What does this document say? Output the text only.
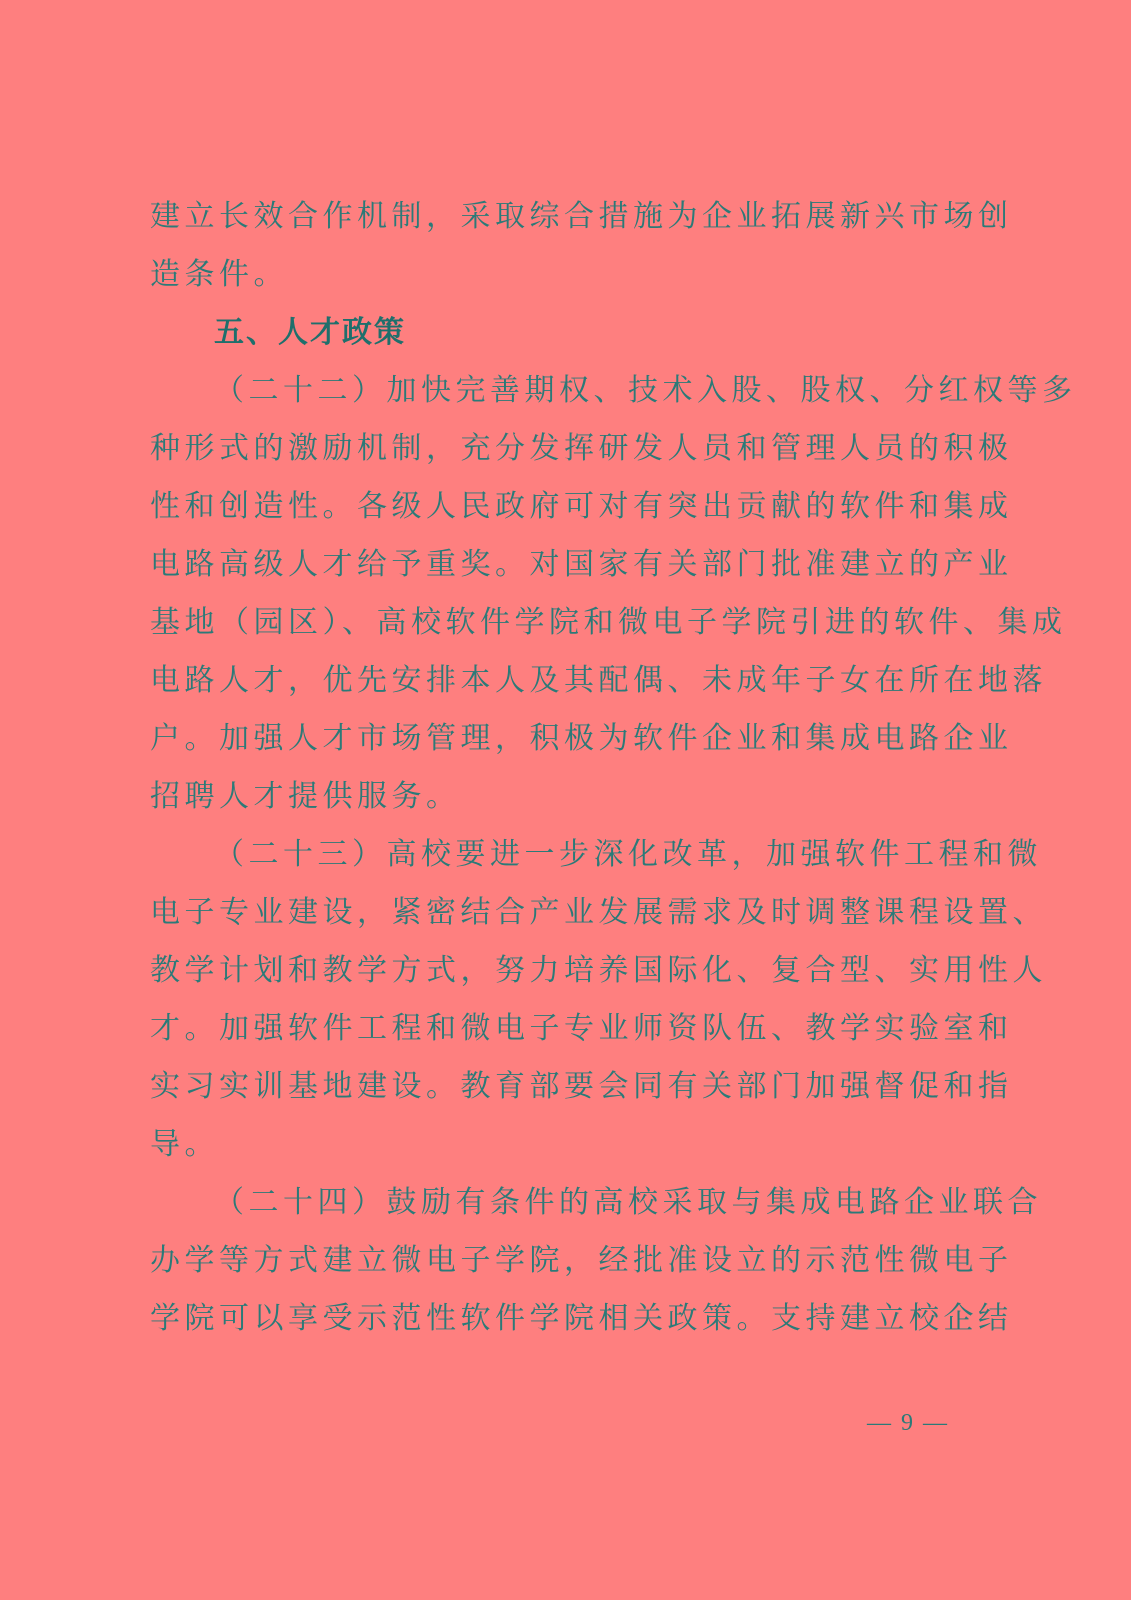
建立长效合作机制，采取综合措施为企业拓展新兴市场创
造条件。
五、人才政策
（二十二）加快完善期权、技术入股、股权、分红权等多
种形式的激励机制，充分发挥研发人员和管理人员的积极
性和创造性。各级人民政府可对有突出贡献的软件和集成
电路高级人才给予重奖。对国家有关部门批准建立的产业
基地（园区）、高校软件学院和微电子学院引进的软件、集成
电路人才，优先安排本人及其配偶、未成年子女在所在地落
户。加强人才市场管理，积极为软件企业和集成电路企业
招聘人才提供服务。
（二十三）高校要进一步深化改革，加强软件工程和微
电子专业建设，紧密结合产业发展需求及时调整课程设置、
教学计划和教学方式，努力培养国际化、复合型、实用性人
才。加强软件工程和微电子专业师资队伍、教学实验室和
实习实训基地建设。教育部要会同有关部门加强督促和指
导。
（二十四）鼓励有条件的高校采取与集成电路企业联合
办学等方式建立微电子学院，经批准设立的示范性微电子
学院可以享受示范性软件学院相关政策。支持建立校企结
— 9 —
